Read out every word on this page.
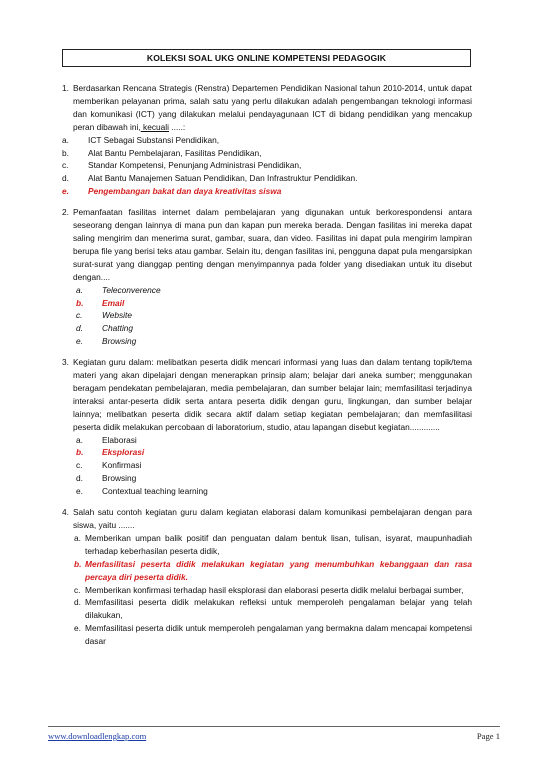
KOLEKSI SOAL UKG ONLINE KOMPETENSI PEDAGOGIK
1. Berdasarkan Rencana Strategis (Renstra) Departemen Pendidikan Nasional tahun 2010-2014, untuk dapat memberikan pelayanan prima, salah satu yang perlu dilakukan adalah pengembangan teknologi informasi dan komunikasi (ICT) yang dilakukan melalui pendayagunaan ICT di bidang pendidikan yang mencakup peran dibawah ini, kecuali .....:
a.	ICT Sebagai Substansi Pendidikan,
b.	Alat Bantu Pembelajaran, Fasilitas Pendidikan,
c.	Standar Kompetensi, Penunjang Administrasi Pendidikan,
d.	Alat Bantu Manajemen Satuan Pendidikan, Dan Infrastruktur Pendidikan.
e.	Pengembangan bakat dan daya kreativitas siswa
2. Pemanfaatan fasilitas internet dalam pembelajaran yang digunakan untuk berkorespondensi antara seseorang dengan lainnya di mana pun dan kapan pun mereka berada. Dengan fasilitas ini mereka dapat saling mengirim dan menerima surat, gambar, suara, dan video. Fasilitas ini dapat pula mengirim lampiran berupa file yang berisi teks atau gambar. Selain itu, dengan fasilitas ini, pengguna dapat pula mengarsipkan surat-surat yang dianggap penting dengan menyimpannya pada folder yang disediakan untuk itu disebut dengan....
a.	Teleconverence
b.	Email
c.	Website
d.	Chatting
e.	Browsing
3. Kegiatan guru dalam: melibatkan peserta didik mencari informasi yang luas dan dalam tentang topik/tema materi yang akan dipelajari dengan menerapkan prinsip alam; belajar dari aneka sumber; menggunakan beragam pendekatan pembelajaran, media pembelajaran, dan sumber belajar lain; memfasilitasi terjadinya interaksi antar-peserta didik serta antara peserta didik dengan guru, lingkungan, dan sumber belajar lainnya; melibatkan peserta didik secara aktif dalam setiap kegiatan pembelajaran; dan memfasilitasi peserta didik melakukan percobaan di laboratorium, studio, atau lapangan disebut kegiatan.............
a.	Elaborasi
b.	Eksplorasi
c.	Konfirmasi
d.	Browsing
e.	Contextual teaching learning
4. Salah satu contoh kegiatan guru dalam kegiatan elaborasi dalam komunikasi pembelajaran dengan para siswa, yaitu .......
a. Memberikan umpan balik positif dan penguatan dalam bentuk lisan, tulisan, isyarat, maupunhadiah terhadap keberhasilan peserta didik,
b. Menfasilitasi peserta didik melakukan kegiatan yang menumbuhkan kebanggaan dan rasa percaya diri peserta didik.
c. Memberikan konfirmasi terhadap hasil eksplorasi dan elaborasi peserta didik melalui berbagai sumber,
d. Memfasilitasi peserta didik melakukan refleksi untuk memperoleh pengalaman belajar yang telah dilakukan,
e. Memfasilitasi peserta didik untuk memperoleh pengalaman yang bermakna dalam mencapai kompetensi dasar
www.downloadlengkap.com	Page 1
